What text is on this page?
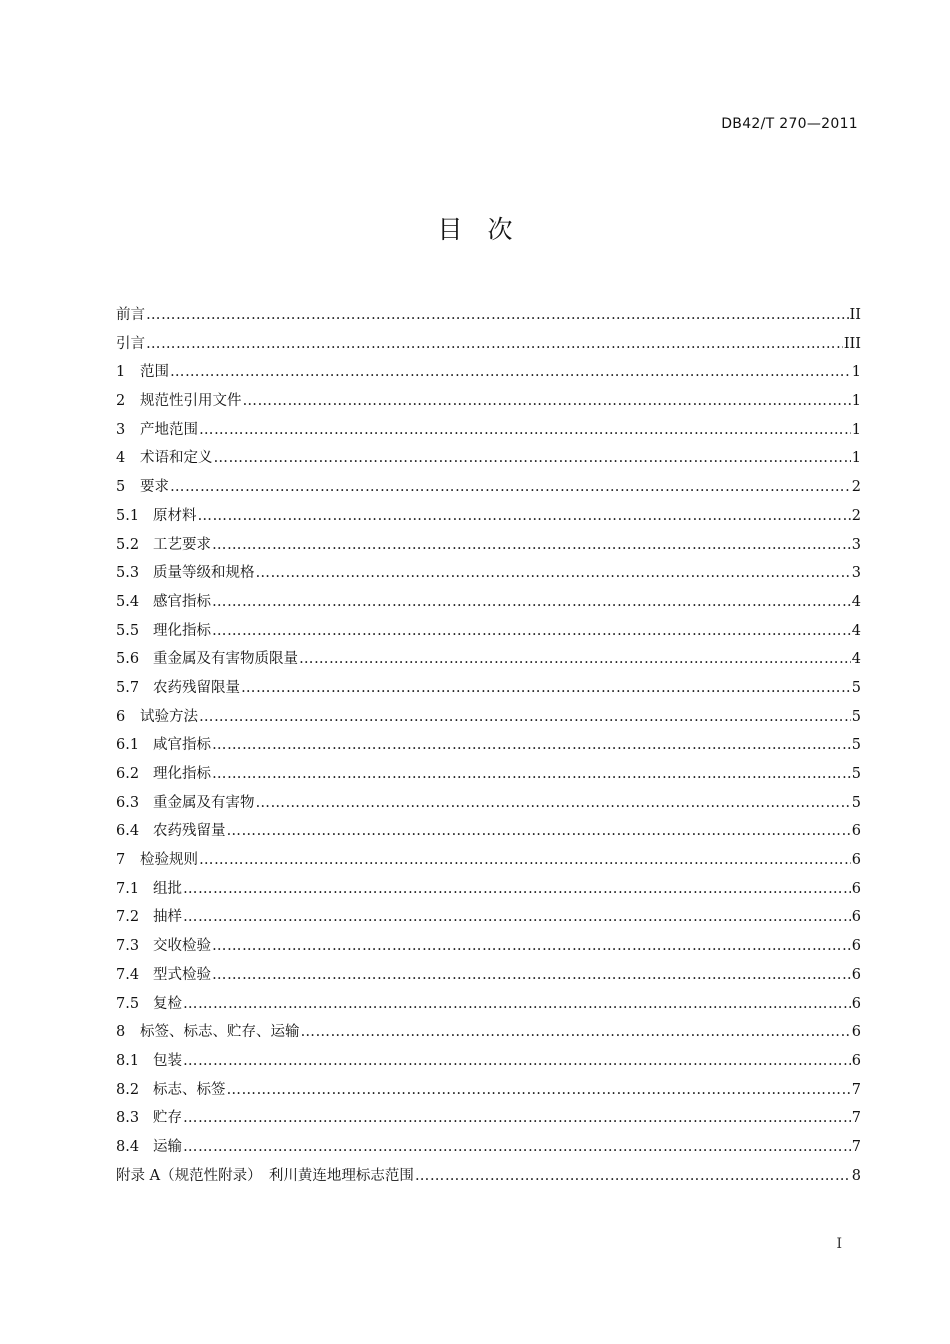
DB42/T 270—2011
目　次
前言 …………………………………………………………………………………………………………………………………………………………………………………………………………………………………………………………………………	II
引言 …………………………………………………………………………………………………………………………………………………………………………………………………………………………………………………………………………	III
1	范围 …………………………………………………………………………………………………………………………………………………………………………………………………………………………………………………………………………	1
2	规范性引用文件 …………………………………………………………………………………………………………………………………………………………………………………………………………………………………………………………………………	1
3	产地范围 …………………………………………………………………………………………………………………………………………………………………………………………………………………………………………………………………………	1
4	术语和定义 …………………………………………………………………………………………………………………………………………………………………………………………………………………………………………………………………………	1
5	要求 …………………………………………………………………………………………………………………………………………………………………………………………………………………………………………………………………………	2
5.1 原材料 …………………………………………………………………………………………………………………………………………………………………………………………………………………………………………………………………………	2
5.2 工艺要求 …………………………………………………………………………………………………………………………………………………………………………………………………………………………………………………………………………	3
5.3 质量等级和规格 …………………………………………………………………………………………………………………………………………………………………………………………………………………………………………………………………………	3
5.4 感官指标 …………………………………………………………………………………………………………………………………………………………………………………………………………………………………………………………………………	4
5.5 理化指标 …………………………………………………………………………………………………………………………………………………………………………………………………………………………………………………………………………	4
5.6 重金属及有害物质限量 …………………………………………………………………………………………………………………………………………………………………………………………………………………………………………………………………………	4
5.7 农药残留限量 …………………………………………………………………………………………………………………………………………………………………………………………………………………………………………………………………………	5
6	试验方法 …………………………………………………………………………………………………………………………………………………………………………………………………………………………………………………………………………	5
6.1 咸官指标 …………………………………………………………………………………………………………………………………………………………………………………………………………………………………………………………………………	5
6.2 理化指标 …………………………………………………………………………………………………………………………………………………………………………………………………………………………………………………………………………	5
6.3 重金属及有害物 …………………………………………………………………………………………………………………………………………………………………………………………………………………………………………………………………………	5
6.4 农药残留量 …………………………………………………………………………………………………………………………………………………………………………………………………………………………………………………………………………	6
7	检验规则 …………………………………………………………………………………………………………………………………………………………………………………………………………………………………………………………………………	6
7.1 组批 …………………………………………………………………………………………………………………………………………………………………………………………………………………………………………………………………………	6
7.2 抽样 …………………………………………………………………………………………………………………………………………………………………………………………………………………………………………………………………………	6
7.3 交收检验 …………………………………………………………………………………………………………………………………………………………………………………………………………………………………………………………………………	6
7.4 型式检验 …………………………………………………………………………………………………………………………………………………………………………………………………………………………………………………………………………	6
7.5 复检 …………………………………………………………………………………………………………………………………………………………………………………………………………………………………………………………………………	6
8	标签、标志、贮存、运输 …………………………………………………………………………………………………………………………………………………………………………………………………………………………………………………………………………	6
8.1 包装 …………………………………………………………………………………………………………………………………………………………………………………………………………………………………………………………………………	6
8.2 标志、标签 …………………………………………………………………………………………………………………………………………………………………………………………………………………………………………………………………………	7
8.3 贮存 …………………………………………………………………………………………………………………………………………………………………………………………………………………………………………………………………………	7
8.4 运输 …………………………………………………………………………………………………………………………………………………………………………………………………………………………………………………………………………	7
附录 A（规范性附录）　利川黄连地理标志范围 …………………………………………………………………………………………………………………………………………………………………………………………………………………………………………………………………………	8
I
